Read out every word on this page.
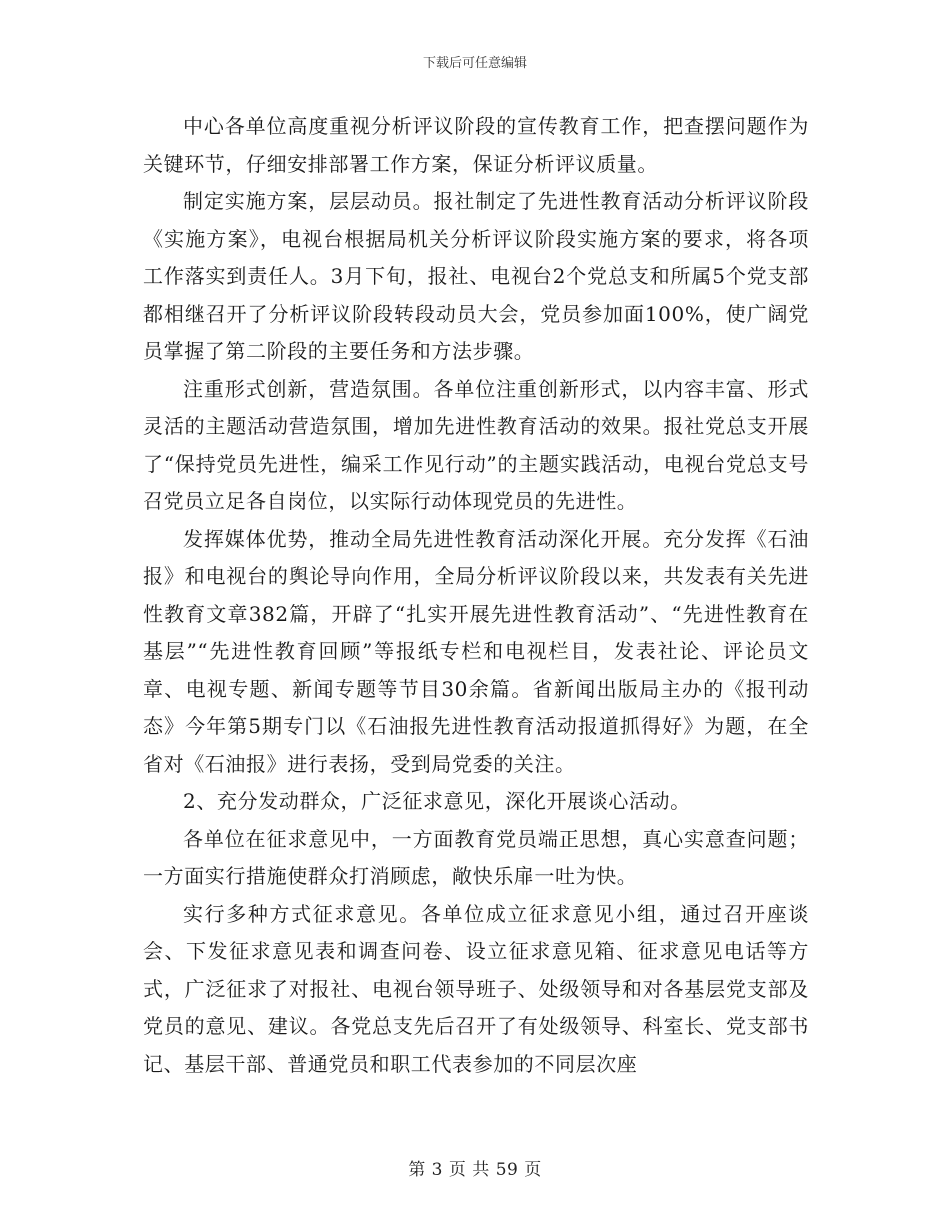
下载后可任意编辑

中心各单位高度重视分析评议阶段的宣传教育工作，把查摆问题作为关键环节，仔细安排部署工作方案，保证分析评议质量。

制定实施方案，层层动员。报社制定了先进性教育活动分析评议阶段《实施方案》，电视台根据局机关分析评议阶段实施方案的要求，将各项工作落实到责任人。3月下旬，报社、电视台2个党总支和所属5个党支部都相继召开了分析评议阶段转段动员大会，党员参加面100%，使广阔党员掌握了第二阶段的主要任务和方法步骤。

注重形式创新，营造氛围。各单位注重创新形式，以内容丰富、形式灵活的主题活动营造氛围，增加先进性教育活动的效果。报社党总支开展了“保持党员先进性，编采工作见行动”的主题实践活动，电视台党总支号召党员立足各自岗位，以实际行动体现党员的先进性。

发挥媒体优势，推动全局先进性教育活动深化开展。充分发挥《石油报》和电视台的舆论导向作用，全局分析评议阶段以来，共发表有关先进性教育文章382篇，开辟了“扎实开展先进性教育活动”、“先进性教育在基层”“先进性教育回顾”等报纸专栏和电视栏目，发表社论、评论员文章、电视专题、新闻专题等节目30余篇。省新闻出版局主办的《报刊动态》今年第5期专门以《石油报先进性教育活动报道抓得好》为题，在全省对《石油报》进行表扬，受到局党委的关注。

2、充分发动群众，广泛征求意见，深化开展谈心活动。

各单位在征求意见中，一方面教育党员端正思想，真心实意查问题；一方面实行措施使群众打消顾虑，敞快乐扉一吐为快。

实行多种方式征求意见。各单位成立征求意见小组，通过召开座谈会、下发征求意见表和调查问卷、设立征求意见箱、征求意见电话等方式，广泛征求了对报社、电视台领导班子、处级领导和对各基层党支部及党员的意见、建议。各党总支先后召开了有处级领导、科室长、党支部书记、基层干部、普通党员和职工代表参加的不同层次座

第 3 页 共 59 页
